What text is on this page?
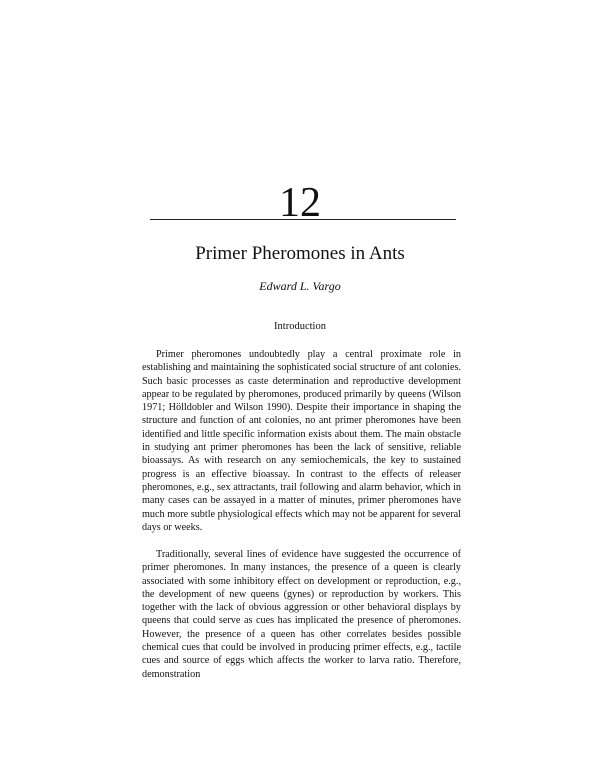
12
Primer Pheromones in Ants
Edward L. Vargo
Introduction

Primer pheromones undoubtedly play a central proximate role in establishing and maintaining the sophisticated social structure of ant colonies. Such basic processes as caste determination and reproductive development appear to be regulated by pheromones, produced primarily by queens (Wilson 1971; Hölldobler and Wilson 1990). Despite their importance in shaping the structure and function of ant colonies, no ant primer pheromones have been identified and little specific information exists about them. The main obstacle in studying ant primer pheromones has been the lack of sensitive, reliable bioassays. As with research on any semiochemicals, the key to sustained progress is an effective bioassay. In contrast to the effects of releaser pheromones, e.g., sex attractants, trail following and alarm behavior, which in many cases can be assayed in a matter of minutes, primer pheromones have much more subtle physiological effects which may not be apparent for several days or weeks.

Traditionally, several lines of evidence have suggested the occurrence of primer pheromones. In many instances, the presence of a queen is clearly associated with some inhibitory effect on development or reproduction, e.g., the development of new queens (gynes) or reproduction by workers. This together with the lack of obvious aggression or other behavioral displays by queens that could serve as cues has implicated the presence of pheromones. However, the presence of a queen has other correlates besides possible chemical cues that could be involved in producing primer effects, e.g., tactile cues and source of eggs which affects the worker to larva ratio. Therefore, demonstration
